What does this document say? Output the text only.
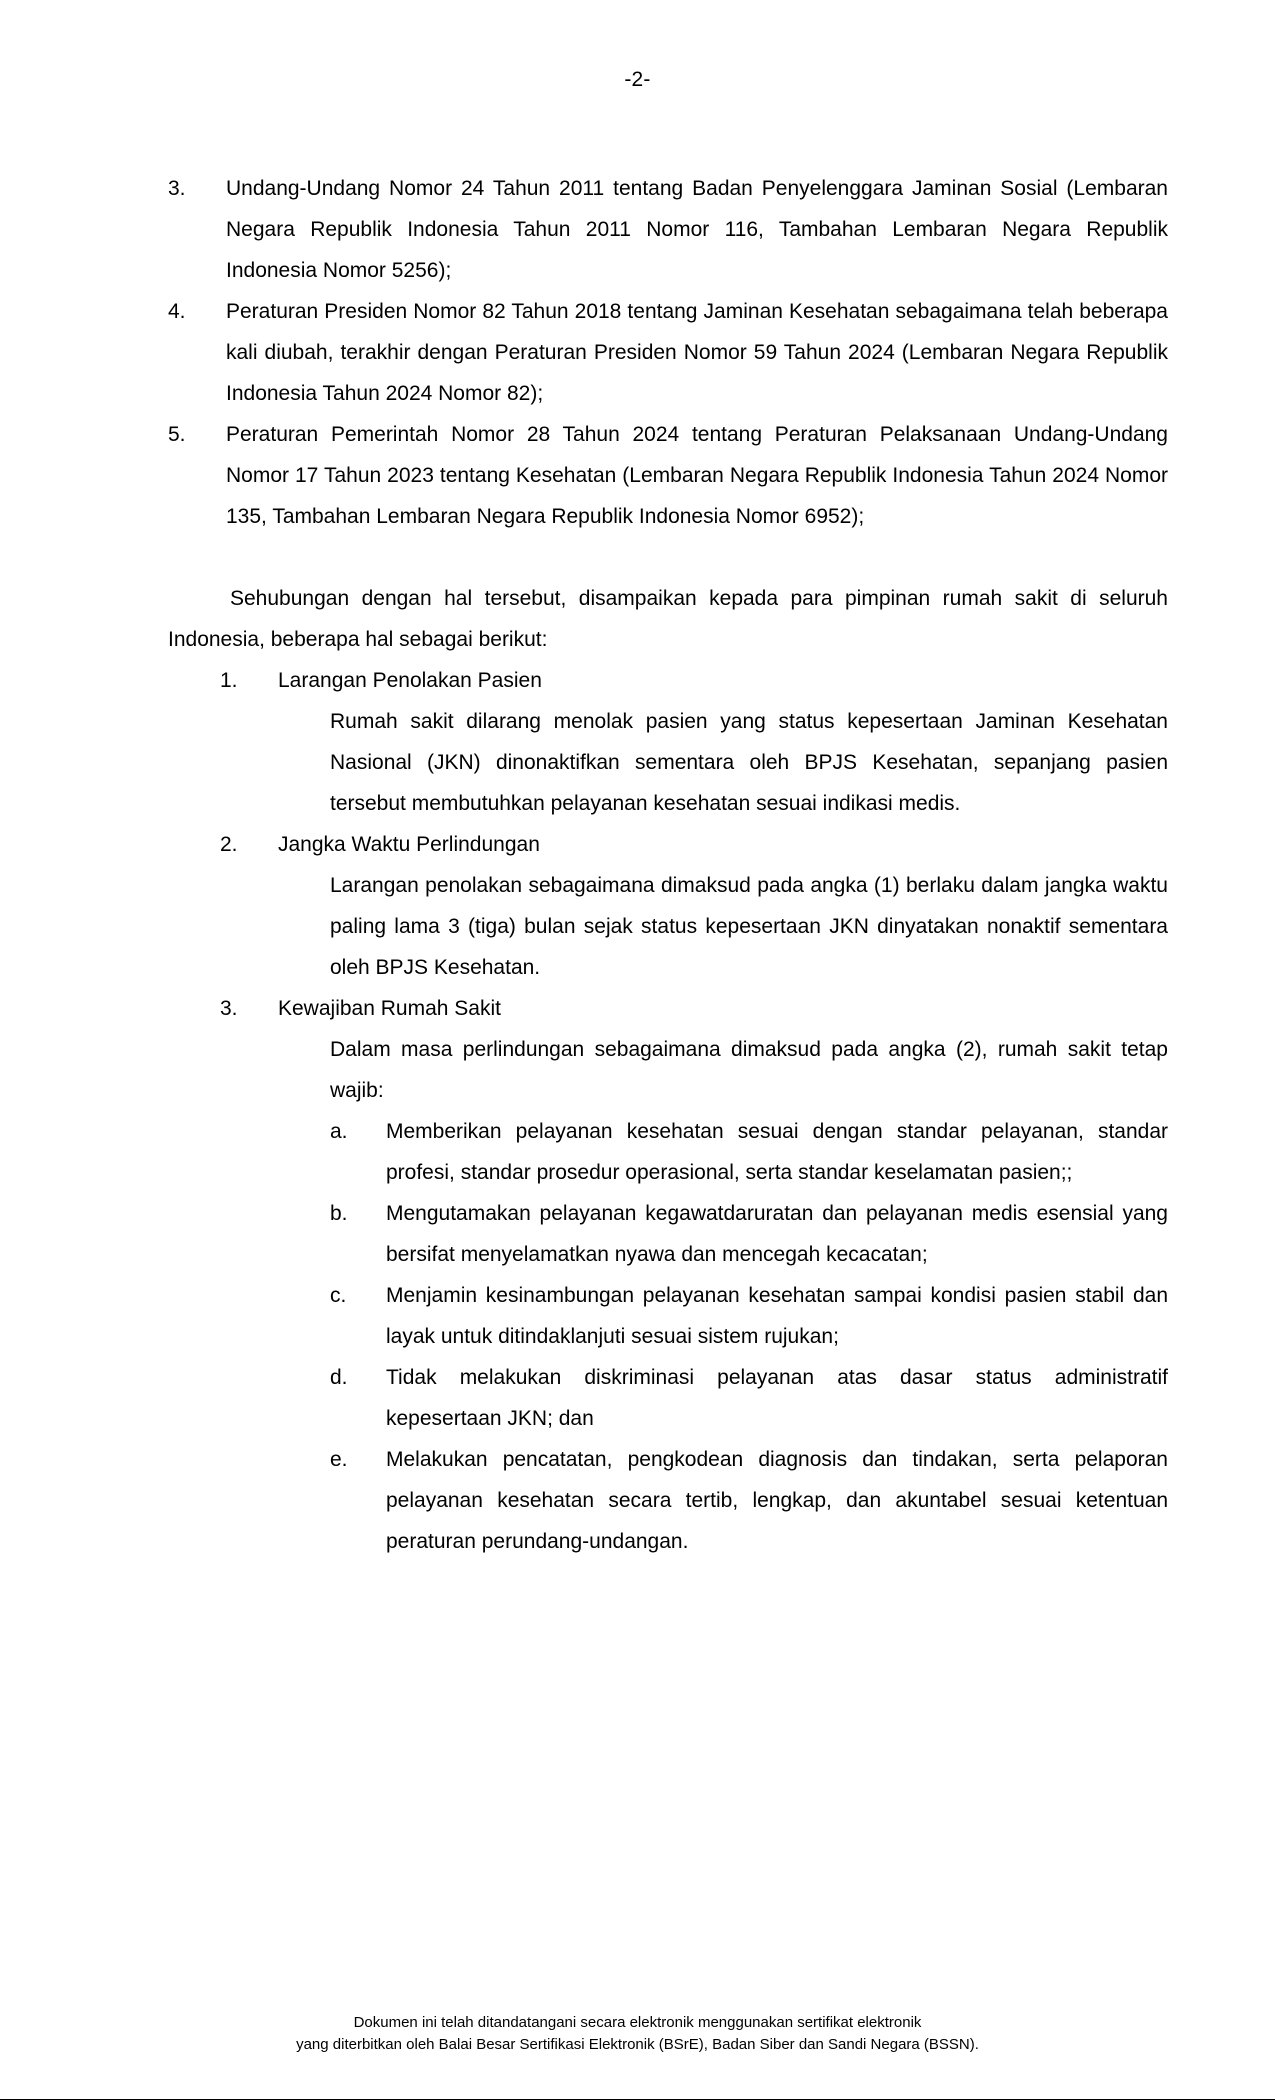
-2-
3.	Undang-Undang Nomor 24 Tahun 2011 tentang Badan Penyelenggara Jaminan Sosial (Lembaran Negara Republik Indonesia Tahun 2011 Nomor 116, Tambahan Lembaran Negara Republik Indonesia Nomor 5256);
4.	Peraturan Presiden Nomor 82 Tahun 2018 tentang Jaminan Kesehatan sebagaimana telah beberapa kali diubah, terakhir dengan Peraturan Presiden Nomor 59 Tahun 2024 (Lembaran Negara Republik Indonesia Tahun 2024 Nomor 82);
5.	Peraturan Pemerintah Nomor 28 Tahun 2024 tentang Peraturan Pelaksanaan Undang-Undang Nomor 17 Tahun 2023 tentang Kesehatan (Lembaran Negara Republik Indonesia Tahun 2024 Nomor 135, Tambahan Lembaran Negara Republik Indonesia Nomor 6952);

Sehubungan dengan hal tersebut, disampaikan kepada para pimpinan rumah sakit di seluruh Indonesia, beberapa hal sebagai berikut:

1.	Larangan Penolakan Pasien
Rumah sakit dilarang menolak pasien yang status kepesertaan Jaminan Kesehatan Nasional (JKN) dinonaktifkan sementara oleh BPJS Kesehatan, sepanjang pasien tersebut membutuhkan pelayanan kesehatan sesuai indikasi medis.
2.	Jangka Waktu Perlindungan
Larangan penolakan sebagaimana dimaksud pada angka (1) berlaku dalam jangka waktu paling lama 3 (tiga) bulan sejak status kepesertaan JKN dinyatakan nonaktif sementara oleh BPJS Kesehatan.
3.	Kewajiban Rumah Sakit
Dalam masa perlindungan sebagaimana dimaksud pada angka (2), rumah sakit tetap wajib:
a.	Memberikan pelayanan kesehatan sesuai dengan standar pelayanan, standar profesi, standar prosedur operasional, serta standar keselamatan pasien;;
b.	Mengutamakan pelayanan kegawatdaruratan dan pelayanan medis esensial yang bersifat menyelamatkan nyawa dan mencegah kecacatan;
c.	Menjamin kesinambungan pelayanan kesehatan sampai kondisi pasien stabil dan layak untuk ditindaklanjuti sesuai sistem rujukan;
d.	Tidak melakukan diskriminasi pelayanan atas dasar status administratif kepesertaan JKN; dan
e.	Melakukan pencatatan, pengkodean diagnosis dan tindakan, serta pelaporan pelayanan kesehatan secara tertib, lengkap, dan akuntabel sesuai ketentuan peraturan perundang-undangan.
Dokumen ini telah ditandatangani secara elektronik menggunakan sertifikat elektronik
yang diterbitkan oleh Balai Besar Sertifikasi Elektronik (BSrE), Badan Siber dan Sandi Negara (BSSN).
